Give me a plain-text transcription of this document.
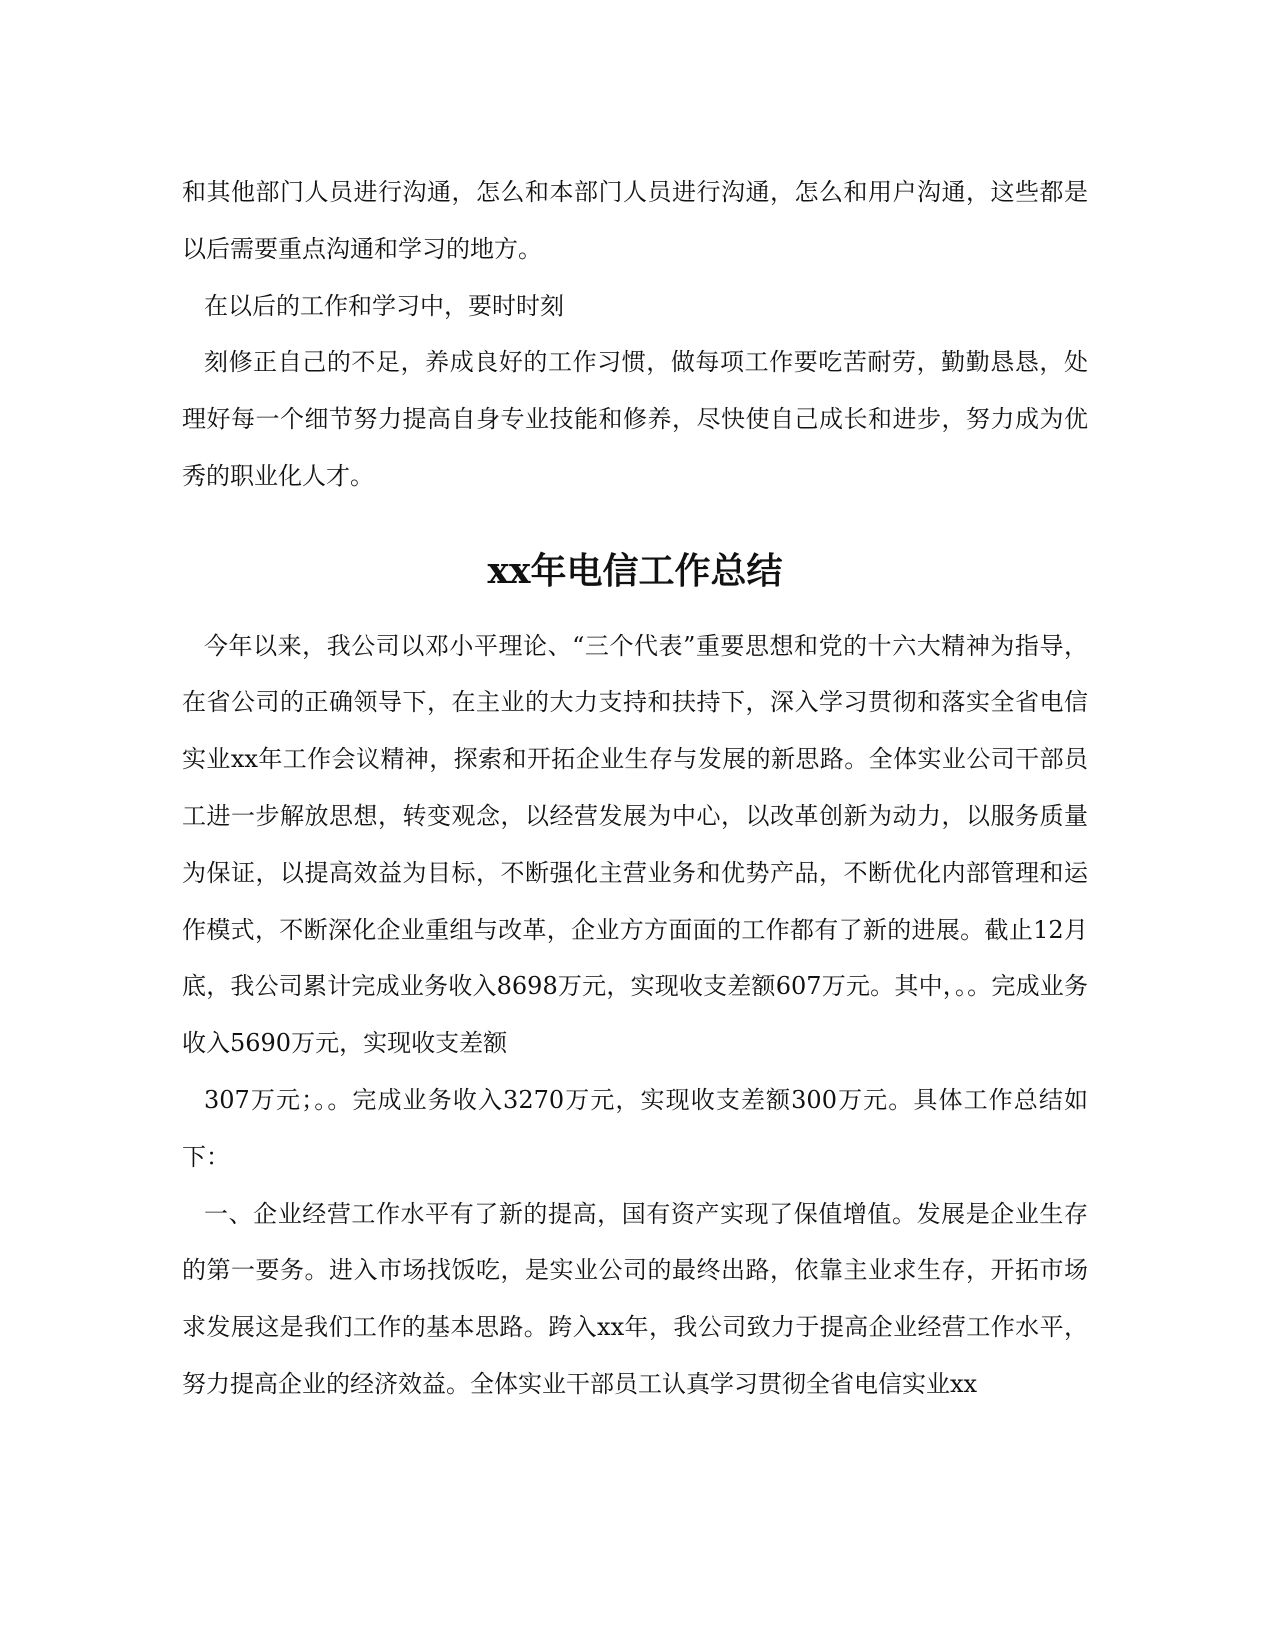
和其他部门人员进行沟通，怎么和本部门人员进行沟通，怎么和用户沟通，这些都是以后需要重点沟通和学习的地方。

在以后的工作和学习中，要时时刻

刻修正自己的不足，养成良好的工作习惯，做每项工作要吃苦耐劳，勤勤恳恳，处理好每一个细节努力提高自身专业技能和修养，尽快使自己成长和进步，努力成为优秀的职业化人才。

xx年电信工作总结

今年以来，我公司以邓小平理论、“三个代表”重要思想和党的十六大精神为指导，在省公司的正确领导下，在主业的大力支持和扶持下，深入学习贯彻和落实全省电信实业xx年工作会议精神，探索和开拓企业生存与发展的新思路。全体实业公司干部员工进一步解放思想，转变观念，以经营发展为中心，以改革创新为动力，以服务质量为保证，以提高效益为目标，不断强化主营业务和优势产品，不断优化内部管理和运作模式，不断深化企业重组与改革，企业方方面面的工作都有了新的进展。截止12月底，我公司累计完成业务收入8698万元，实现收支差额607万元。其中，。。完成业务收入5690万元，实现收支差额

307万元；。。完成业务收入3270万元，实现收支差额300万元。具体工作总结如下：

一、企业经营工作水平有了新的提高，国有资产实现了保值增值。发展是企业生存的第一要务。进入市场找饭吃，是实业公司的最终出路，依靠主业求生存，开拓市场求发展这是我们工作的基本思路。跨入xx年，我公司致力于提高企业经营工作水平，努力提高企业的经济效益。全体实业干部员工认真学习贯彻全省电信实业xx
